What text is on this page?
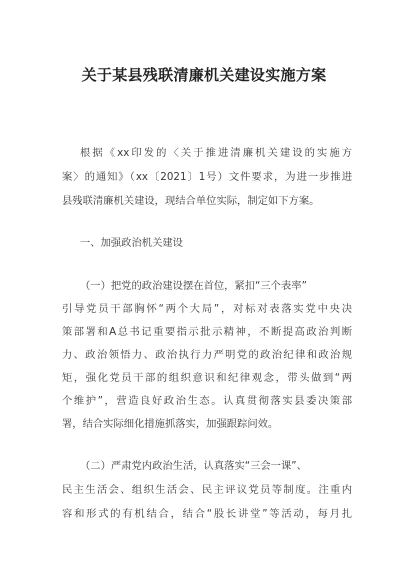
关于某县残联清廉机关建设实施方案
根据《xx印发的〈关于推进清廉机关建设的实施方
案〉的通知》（xx〔2021〕1号）文件要求，为进一步推进
县残联清廉机关建设，现结合单位实际，制定如下方案。
一、加强政治机关建设
（一）把党的政治建设摆在首位，紧扣“三个表率”
引导党员干部胸怀“两个大局”，对标对表落实党中央决
策部署和A总书记重要指示批示精神，不断提高政治判断
力、政治领悟力、政治执行力严明党的政治纪律和政治规
矩，强化党员干部的组织意识和纪律观念，带头做到“两
个维护”，营造良好政治生态。认真贯彻落实县委决策部
署，结合实际细化措施抓落实，加强跟踪问效。
（二）严肃党内政治生活，认真落实“三会一课”、
民主生活会、组织生活会、民主评议党员等制度。注重内
容和形式的有机结合，结合“股长讲堂”等活动，每月扎
